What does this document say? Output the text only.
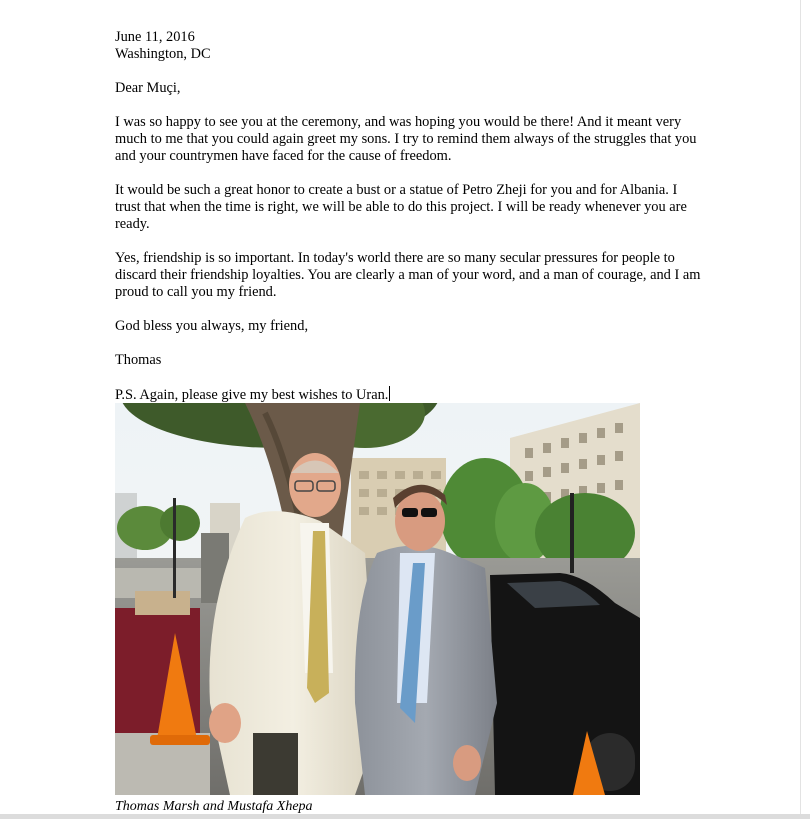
June 11, 2016

Washington, DC

Dear Muçi,

I was so happy to see you at the ceremony, and was hoping you would be there! And it meant very much to me that you could again greet my sons. I try to remind them always of the struggles that you and your countrymen have faced for the cause of freedom.

It would be such a great honor to create a bust or a statue of Petro Zheji for you and for Albania. I trust that when the time is right, we will be able to do this project. I will be ready whenever you are ready.

Yes, friendship is so important. In today's world there are so many secular pressures for people to discard their friendship loyalties. You are clearly a man of your word, and a man of courage, and I am proud to call you my friend.

God bless you always, my friend,

Thomas

P.S. Again, please give my best wishes to Uran.

Thomas Marsh and Mustafa Xhepa
